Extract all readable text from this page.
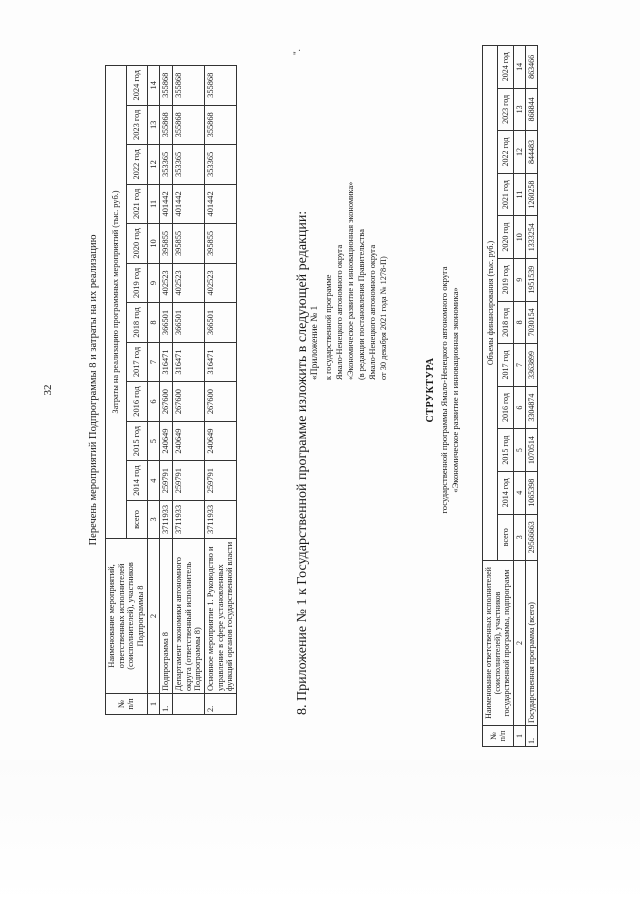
32	Перечень мероприятий Подпрограммы 8 и затраты на их реализацию
№ п/п	Наименование мероприятий, ответственных исполнителей (соисполнителей), участников Подпрограммы 8	Затраты на реализацию программных мероприятий (тыс. руб.)											
		всего	2014 год	2015 год	2016 год	2017 год	2018 год	2019 год	2020 год	2021 год	2022 год	2023 год	2024 год
1	2	3	4	5	6	7	8	9	10	11	12	13	14
1.	Подпрограмма 8	3711933	259791	240649	267600	316471	366501	402523	395855	401442	353365	355868	355868
	Департамент экономики автономного округа (ответственный исполнитель Подпрограммы 8)	3711933	259791	240649	267600	316471	366501	402523	395855	401442	353365	355868	355868
2.	Основное мероприятие 1. Руководство и управление в сфере установленных функций органов государственной власти	3711933	259791	240649	267600	316471	366501	402523	395855	401442	353365	355868	355868
".
8. Приложение № 1 к Государственной программе изложить в следующей редакции: «Приложение № 1 к государственной программе Ямало-Ненецкого автономного округа «Экономическое развитие и инновационная экономика» (в редакции постановления Правительства Ямало-Ненецкого автономного округа от 30 декабря 2021 года № 1278-П)
СТРУКТУРА государственной программы Ямало-Ненецкого автономного округа «Экономическое развитие и инновационная экономика»
№ п/п	Наименование ответственных исполнителей (соисполнителей), участников государственной программы, подпрограмм	Объемы финансирования (тыс. руб.)											
		всего	2014 год	2015 год	2016 год	2017 год	2018 год	2019 год	2020 год	2021 год	2022 год	2023 год	2024 год
1	2	3	4	5	6	7	8	9	10	11	12	13	14
1.	Государственная программа (всего)	29566663	1065398	1070514	3304874	3363899	7030154	1951539	1333254	1260258	844483	868844	863466
